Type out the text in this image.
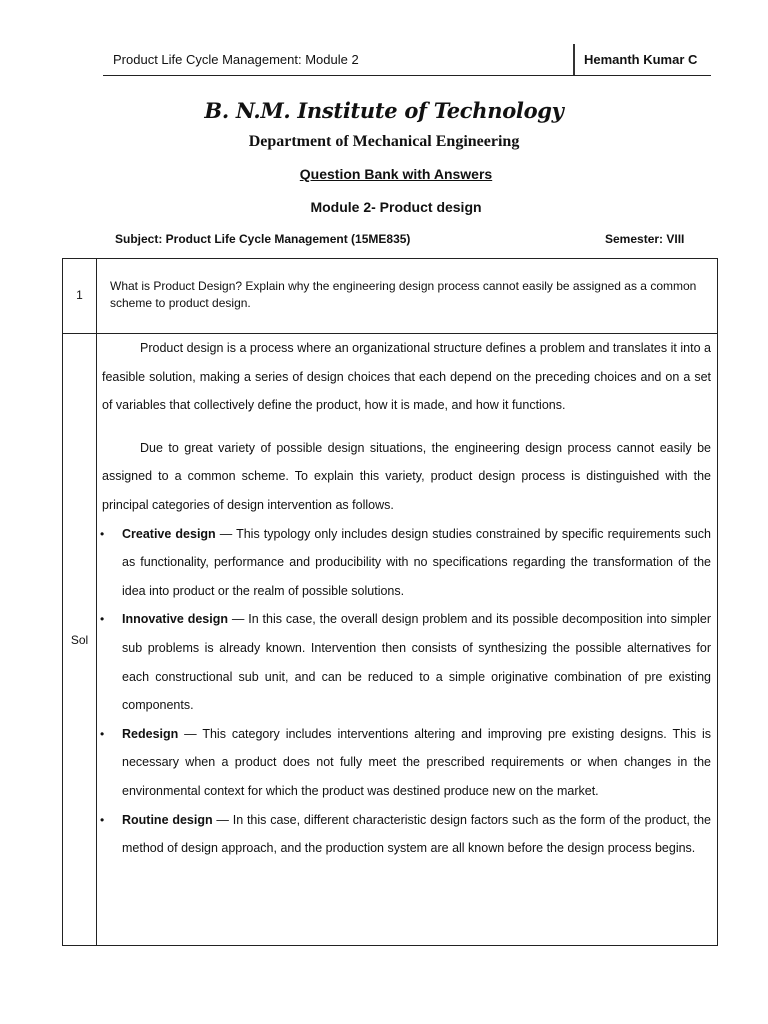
Product Life Cycle Management: Module 2	Hemanth Kumar C
B. N.M. Institute of Technology
Department of Mechanical Engineering
Question Bank with Answers
Module 2- Product design
Subject: Product Life Cycle Management (15ME835)	Semester: VIII
1
What is Product Design? Explain why the engineering design process cannot easily be assigned as a common scheme to product design.
Sol

Product design is a process where an organizational structure defines a problem and translates it into a feasible solution, making a series of design choices that each depend on the preceding choices and on a set of variables that collectively define the product, how it is made, and how it functions.

Due to great variety of possible design situations, the engineering design process cannot easily be assigned to a common scheme. To explain this variety, product design process is distinguished with the principal categories of design intervention as follows.

• Creative design — This typology only includes design studies constrained by specific requirements such as functionality, performance and producibility with no specifications regarding the transformation of the idea into product or the realm of possible solutions.
• Innovative design — In this case, the overall design problem and its possible decomposition into simpler sub problems is already known. Intervention then consists of synthesizing the possible alternatives for each constructional sub unit, and can be reduced to a simple originative combination of pre existing components.
• Redesign — This category includes interventions altering and improving pre existing designs. This is necessary when a product does not fully meet the prescribed requirements or when changes in the environmental context for which the product was destined produce new on the market.
• Routine design — In this case, different characteristic design factors such as the form of the product, the method of design approach, and the production system are all known before the design process begins.
